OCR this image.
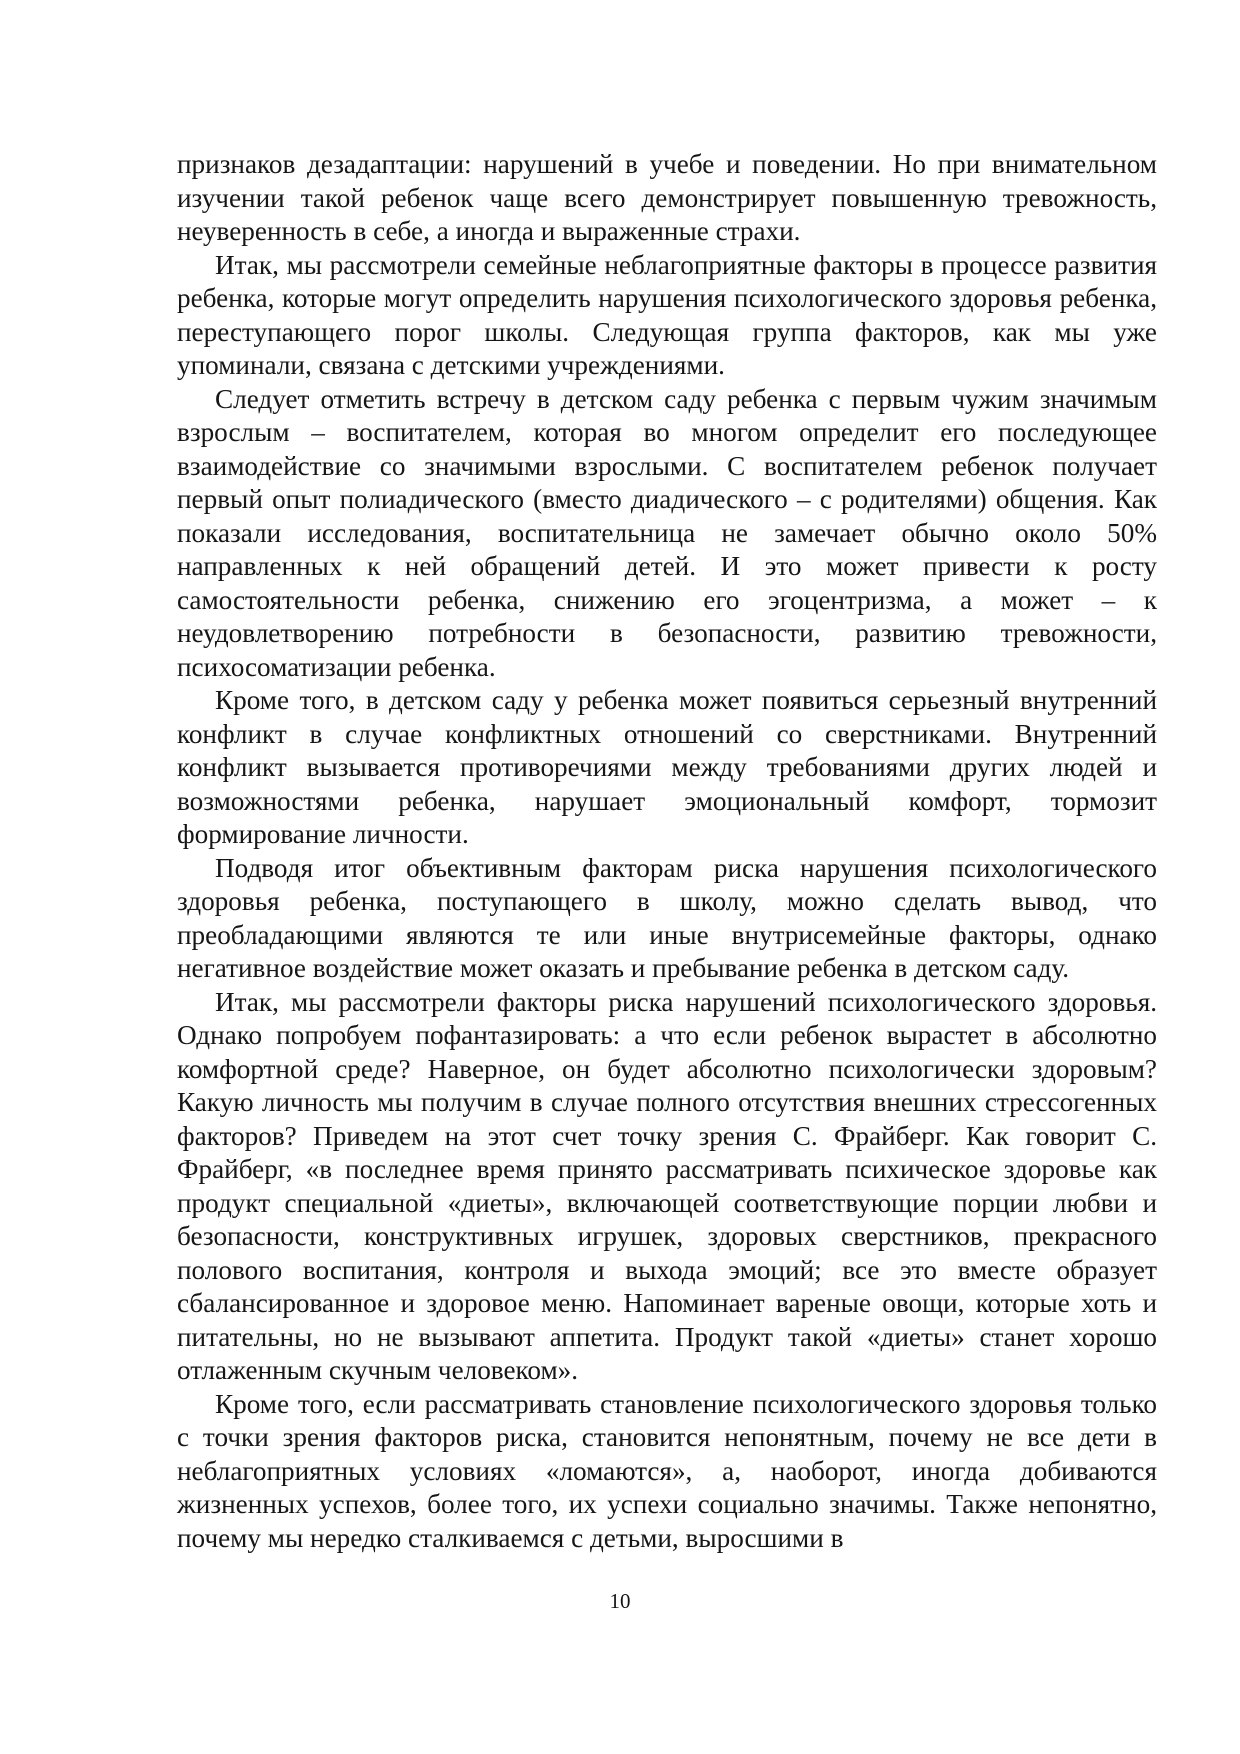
признаков дезадаптации: нарушений в учебе и поведении. Но при внимательном изучении такой ребенок чаще всего демонстрирует повышенную тревожность, неуверенность в себе, а иногда и выраженные страхи.

Итак, мы рассмотрели семейные неблагоприятные факторы в процессе развития ребенка, которые могут определить нарушения психологического здоровья ребенка, переступающего порог школы. Следующая группа факторов, как мы уже упоминали, связана с детскими учреждениями.

Следует отметить встречу в детском саду ребенка с первым чужим значимым взрослым – воспитателем, которая во многом определит его последующее взаимодействие со значимыми взрослыми. С воспитателем ребенок получает первый опыт полиадического (вместо диадического – с родителями) общения. Как показали исследования, воспитательница не замечает обычно около 50% направленных к ней обращений детей. И это может привести к росту самостоятельности ребенка, снижению его эгоцентризма, а может – к неудовлетворению потребности в безопасности, развитию тревожности, психосоматизации ребенка.

Кроме того, в детском саду у ребенка может появиться серьезный внутренний конфликт в случае конфликтных отношений со сверстниками. Внутренний конфликт вызывается противоречиями между требованиями других людей и возможностями ребенка, нарушает эмоциональный комфорт, тормозит формирование личности.

Подводя итог объективным факторам риска нарушения психологического здоровья ребенка, поступающего в школу, можно сделать вывод, что преобладающими являются те или иные внутрисемейные факторы, однако негативное воздействие может оказать и пребывание ребенка в детском саду.

Итак, мы рассмотрели факторы риска нарушений психологического здоровья. Однако попробуем пофантазировать: а что если ребенок вырастет в абсолютно комфортной среде? Наверное, он будет абсолютно психологически здоровым? Какую личность мы получим в случае полного отсутствия внешних стрессогенных факторов? Приведем на этот счет точку зрения С. Фрайберг. Как говорит С. Фрайберг, «в последнее время принято рассматривать психическое здоровье как продукт специальной «диеты», включающей соответствующие порции любви и безопасности, конструктивных игрушек, здоровых сверстников, прекрасного полового воспитания, контроля и выхода эмоций; все это вместе образует сбалансированное и здоровое меню. Напоминает вареные овощи, которые хоть и питательны, но не вызывают аппетита. Продукт такой «диеты» станет хорошо отлаженным скучным человеком».

Кроме того, если рассматривать становление психологического здоровья только с точки зрения факторов риска, становится непонятным, почему не все дети в неблагоприятных условиях «ломаются», а, наоборот, иногда добиваются жизненных успехов, более того, их успехи социально значимы. Также непонятно, почему мы нередко сталкиваемся с детьми, выросшими в

10
